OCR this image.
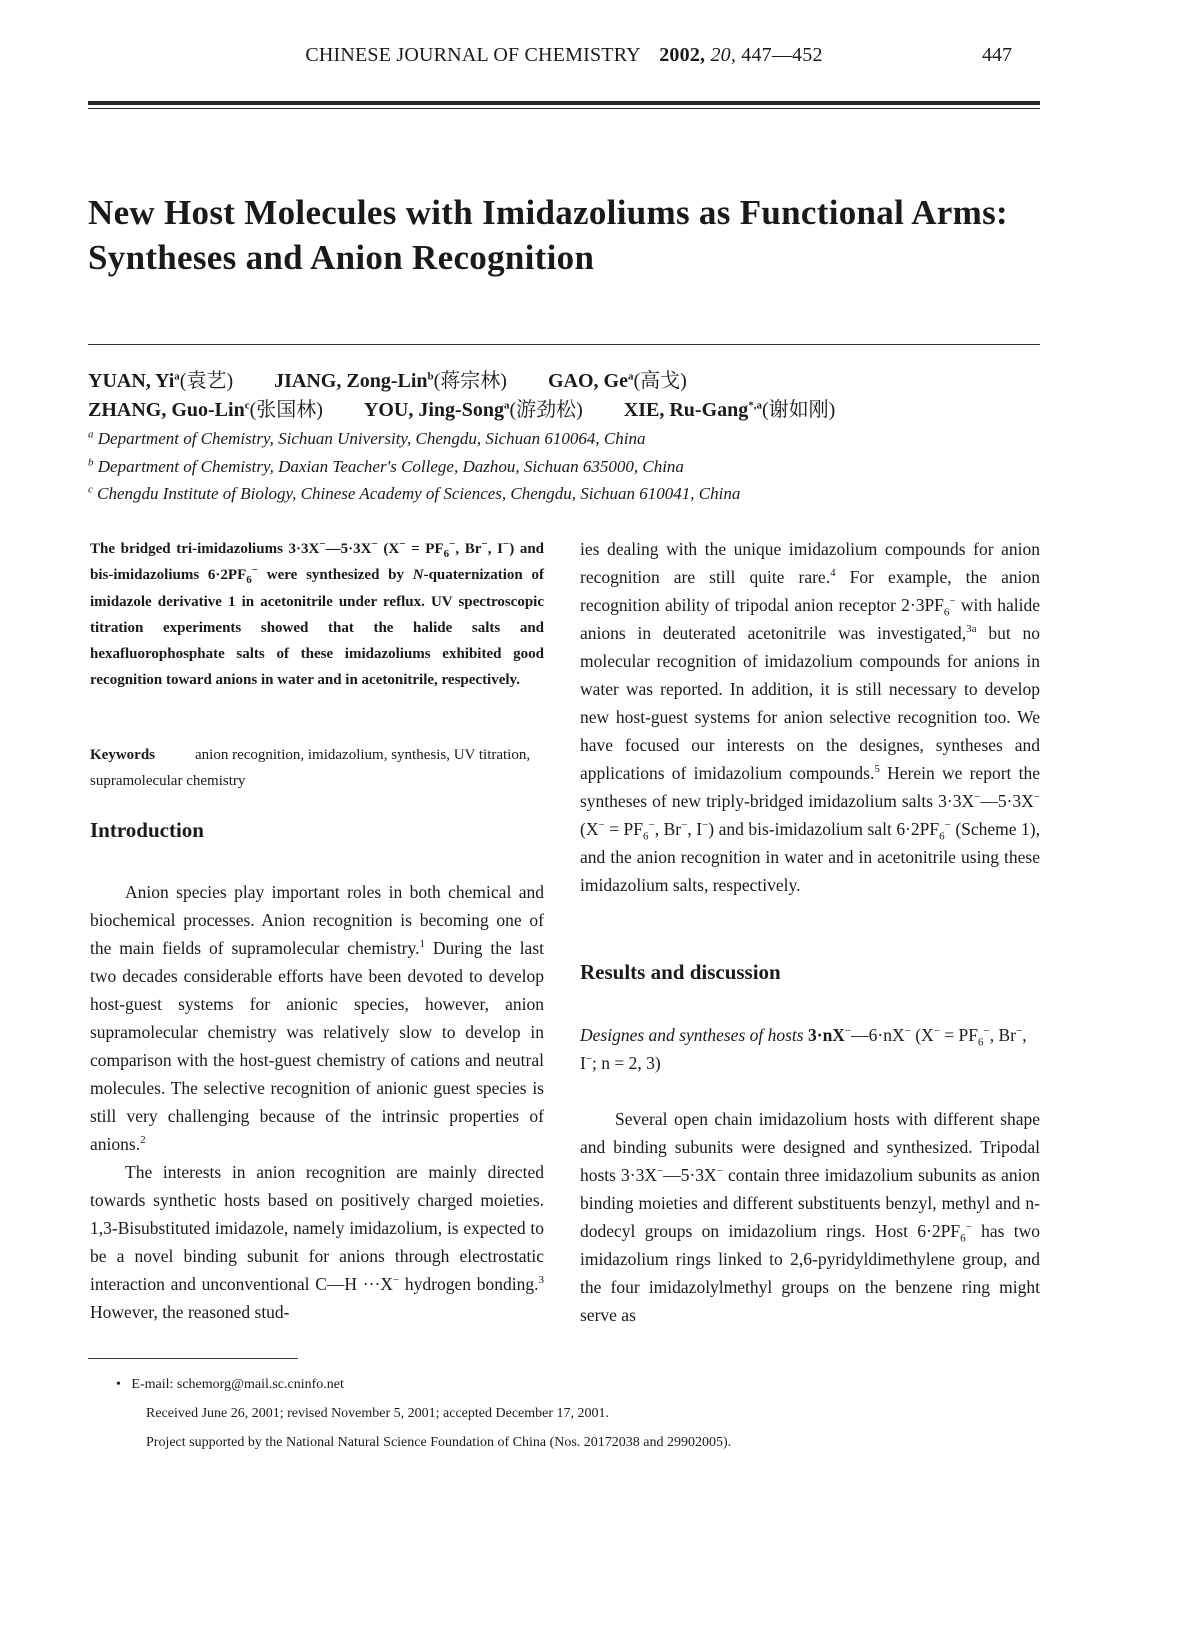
CHINESE JOURNAL OF CHEMISTRY 2002, 20, 447—452	447
New Host Molecules with Imidazoliums as Functional Arms:
Syntheses and Anion Recognition
YUAN, Yi$^a$(袁艺) JIANG, Zong-Lin$^b$(蒋宗林) GAO, Ge$^a$(高戈)
ZHANG, Guo-Lin$^c$(张国林) YOU, Jing-Song$^a$(游劲松) XIE, Ru-Gang$^{*,a}$(谢如刚)
$^a$ Department of Chemistry, Sichuan University, Chengdu, Sichuan 610064, China
$^b$ Department of Chemistry, Daxian Teacher's College, Dazhou, Sichuan 635000, China
$^c$ Chengdu Institute of Biology, Chinese Academy of Sciences, Chengdu, Sichuan 610041, China
The bridged tri-imidazoliums 3·3X−—5·3X− ($X^- = PF_6^-$, Br−, I−) and bis-imidazoliums $6\cdot 2PF_6^-$ were synthesized by N-quaternization of imidazole derivative 1 in acetonitrile under reflux. UV spectroscopic titration experiments showed that the halide salts and hexafluorophosphate salts of these imidazoliums exhibited good recognition toward anions in water and in acetonitrile, respectively.
Keywords	anion recognition, imidazolium, synthesis, UV titration, supramolecular chemistry
Introduction

Anion species play important roles in both chemical and biochemical processes. Anion recognition is becoming one of the main fields of supramolecular chemistry.$^1$ During the last two decades considerable efforts have been devoted to develop host-guest systems for anionic species, however, anion supramolecular chemistry was relatively slow to develop in comparison with the host-guest chemistry of cations and neutral molecules. The selective recognition of anionic guest species is still very challenging because of the intrinsic properties of anions.$^2$

The interests in anion recognition are mainly directed towards synthetic hosts based on positively charged moieties. 1,3-Bisubstituted imidazole, namely imidazolium, is expected to be a novel binding subunit for anions through electrostatic interaction and unconventional C—H ···X− hydrogen bonding.$^3$ However, the reasoned stud-

ies dealing with the unique imidazolium compounds for anion recognition are still quite rare.$^4$ For example, the anion recognition ability of tripodal anion receptor $2\cdot 3PF_6^-$ with halide anions in deuterated acetonitrile was investigated,$^{3a}$ but no molecular recognition of imidazolium compounds for anions in water was reported. In addition, it is still necessary to develop new host-guest systems for anion selective recognition too. We have focused our interests on the designes, syntheses and applications of imidazolium compounds.$^5$ Herein we report the syntheses of new triply-bridged imidazolium salts 3·3X−—5·3X− ($X^- = PF_6^-$, Br−, I−) and bis-imidazolium salt $6\cdot 2PF_6^-$ (Scheme 1), and the anion recognition in water and in acetonitrile using these imidazolium salts, respectively.

Results and discussion
Designes and syntheses of hosts 3·nX−—6·nX− ($X^- = PF_6^-$, Br−, I−; n = 2, 3)

Several open chain imidazolium hosts with different shape and binding subunits were designed and synthesized. Tripodal hosts 3·3X−—5·3X− contain three imidazolium subunits as anion binding moieties and different substituents benzyl, methyl and n-dodecyl groups on imidazolium rings. Host $6\cdot 2PF_6^-$ has two imidazolium rings linked to 2,6-pyridyldimethylene group, and the four imidazolylmethyl groups on the benzene ring might serve as

• E-mail: schemorg@mail.sc.cninfo.net
Received June 26, 2001; revised November 5, 2001; accepted December 17, 2001.
Project supported by the National Natural Science Foundation of China (Nos. 20172038 and 29902005).
